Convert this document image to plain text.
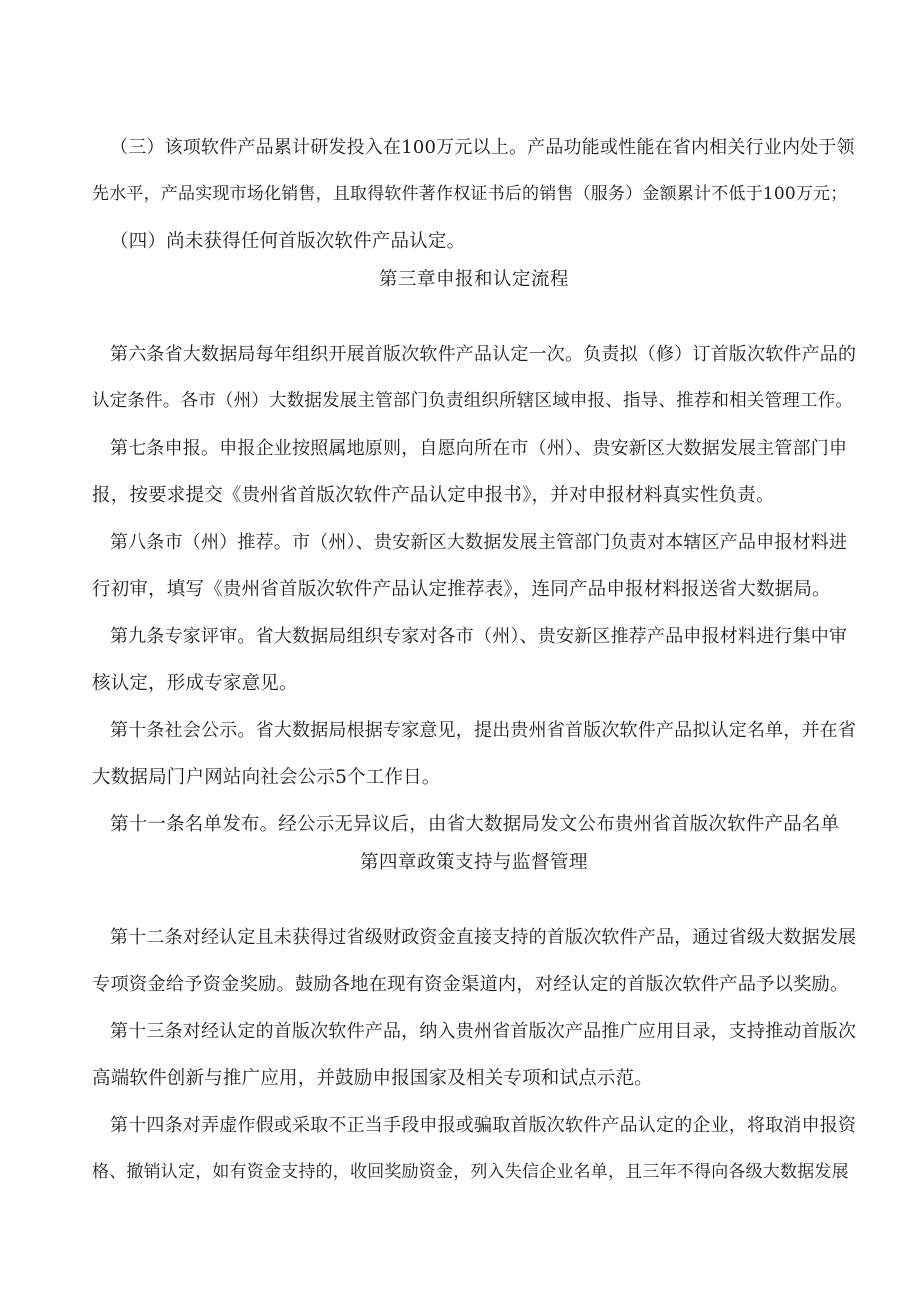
（三）该项软件产品累计研发投入在100万元以上。产品功能或性能在省内相关行业内处于领
先水平，产品实现市场化销售，且取得软件著作权证书后的销售（服务）金额累计不低于100万元；
（四）尚未获得任何首版次软件产品认定。
第三章申报和认定流程
第六条省大数据局每年组织开展首版次软件产品认定一次。负责拟（修）订首版次软件产品的
认定条件。各市（州）大数据发展主管部门负责组织所辖区域申报、指导、推荐和相关管理工作。
第七条申报。申报企业按照属地原则，自愿向所在市（州）、贵安新区大数据发展主管部门申
报，按要求提交《贵州省首版次软件产品认定申报书》，并对申报材料真实性负责。
第八条市（州）推荐。市（州）、贵安新区大数据发展主管部门负责对本辖区产品申报材料进
行初审，填写《贵州省首版次软件产品认定推荐表》，连同产品申报材料报送省大数据局。
第九条专家评审。省大数据局组织专家对各市（州）、贵安新区推荐产品申报材料进行集中审
核认定，形成专家意见。
第十条社会公示。省大数据局根据专家意见，提出贵州省首版次软件产品拟认定名单，并在省
大数据局门户网站向社会公示5个工作日。
第十一条名单发布。经公示无异议后，由省大数据局发文公布贵州省首版次软件产品名单
第四章政策支持与监督管理
第十二条对经认定且未获得过省级财政资金直接支持的首版次软件产品，通过省级大数据发展
专项资金给予资金奖励。鼓励各地在现有资金渠道内，对经认定的首版次软件产品予以奖励。
第十三条对经认定的首版次软件产品，纳入贵州省首版次产品推广应用目录，支持推动首版次
高端软件创新与推广应用，并鼓励申报国家及相关专项和试点示范。
第十四条对弄虚作假或采取不正当手段申报或骗取首版次软件产品认定的企业，将取消申报资
格、撤销认定，如有资金支持的，收回奖励资金，列入失信企业名单，且三年不得向各级大数据发展
